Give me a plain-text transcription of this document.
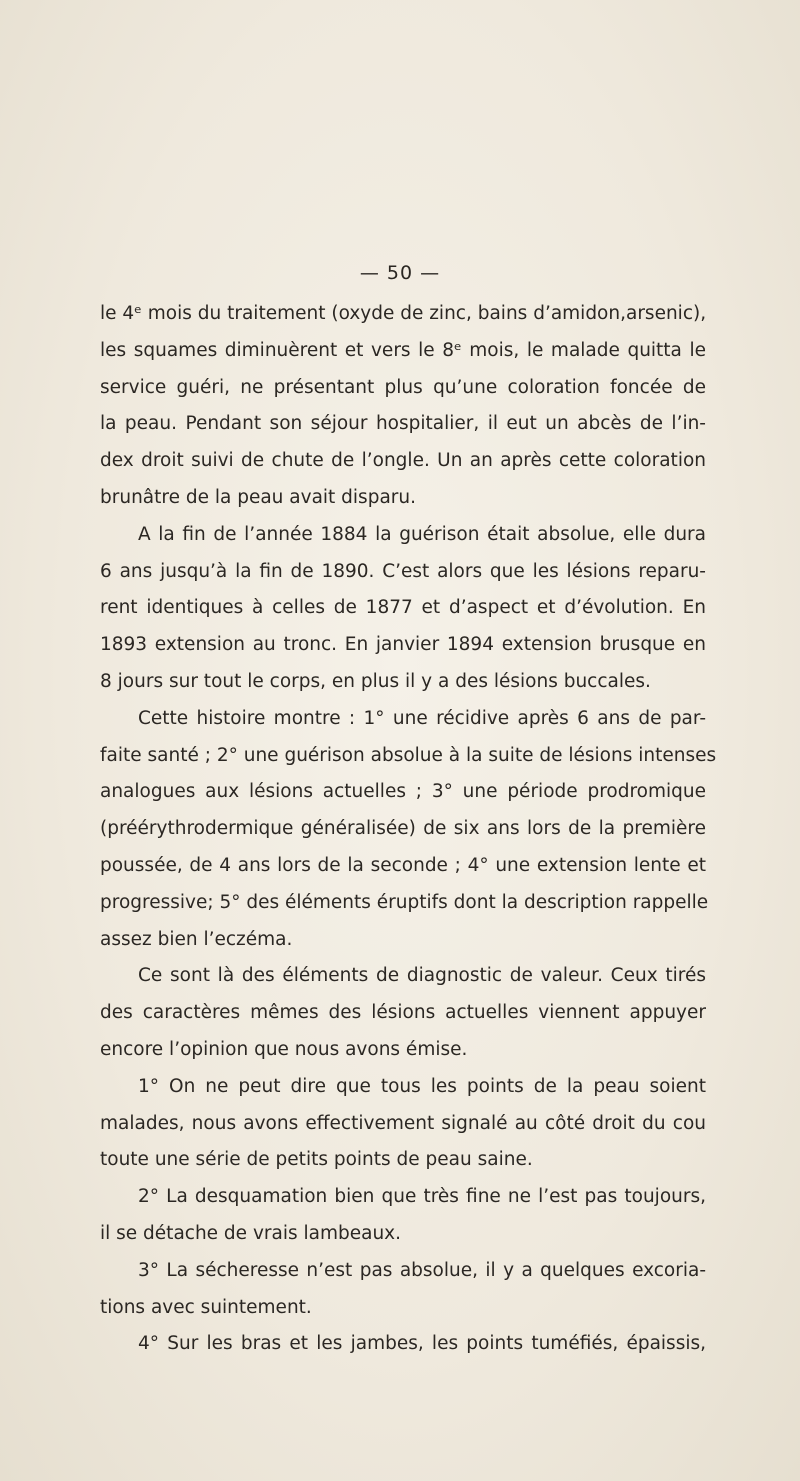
— 50 —
le 4ᵉ mois du traitement (oxyde de zinc, bains d’amidon,arsenic),
les squames diminuèrent et vers le 8ᵉ mois, le malade quitta le
service guéri, ne présentant plus qu’une coloration foncée de
la peau. Pendant son séjour hospitalier, il eut un abcès de l’in-
dex droit suivi de chute de l’ongle. Un an après cette coloration
brunâtre de la peau avait disparu.
A la fin de l’année 1884 la guérison était absolue, elle dura
6 ans jusqu’à la fin de 1890. C’est alors que les lésions reparu-
rent identiques à celles de 1877 et d’aspect et d’évolution. En
1893 extension au tronc. En janvier 1894 extension brusque en
8 jours sur tout le corps, en plus il y a des lésions buccales.
Cette histoire montre : 1° une récidive après 6 ans de par-
faite santé ; 2° une guérison absolue à la suite de lésions intenses
analogues aux lésions actuelles ; 3° une période prodromique
(préérythrodermique généralisée) de six ans lors de la première
poussée, de 4 ans lors de la seconde ; 4° une extension lente et
progressive; 5° des éléments éruptifs dont la description rappelle
assez bien l’eczéma.
Ce sont là des éléments de diagnostic de valeur. Ceux tirés
des caractères mêmes des lésions actuelles viennent appuyer
encore l’opinion que nous avons émise.
1° On ne peut dire que tous les points de la peau soient
malades, nous avons effectivement signalé au côté droit du cou
toute une série de petits points de peau saine.
2° La desquamation bien que très fine ne l’est pas toujours,
il se détache de vrais lambeaux.
3° La sécheresse n’est pas absolue, il y a quelques excoria-
tions avec suintement.
4° Sur les bras et les jambes, les points tuméfiés, épaissis,
